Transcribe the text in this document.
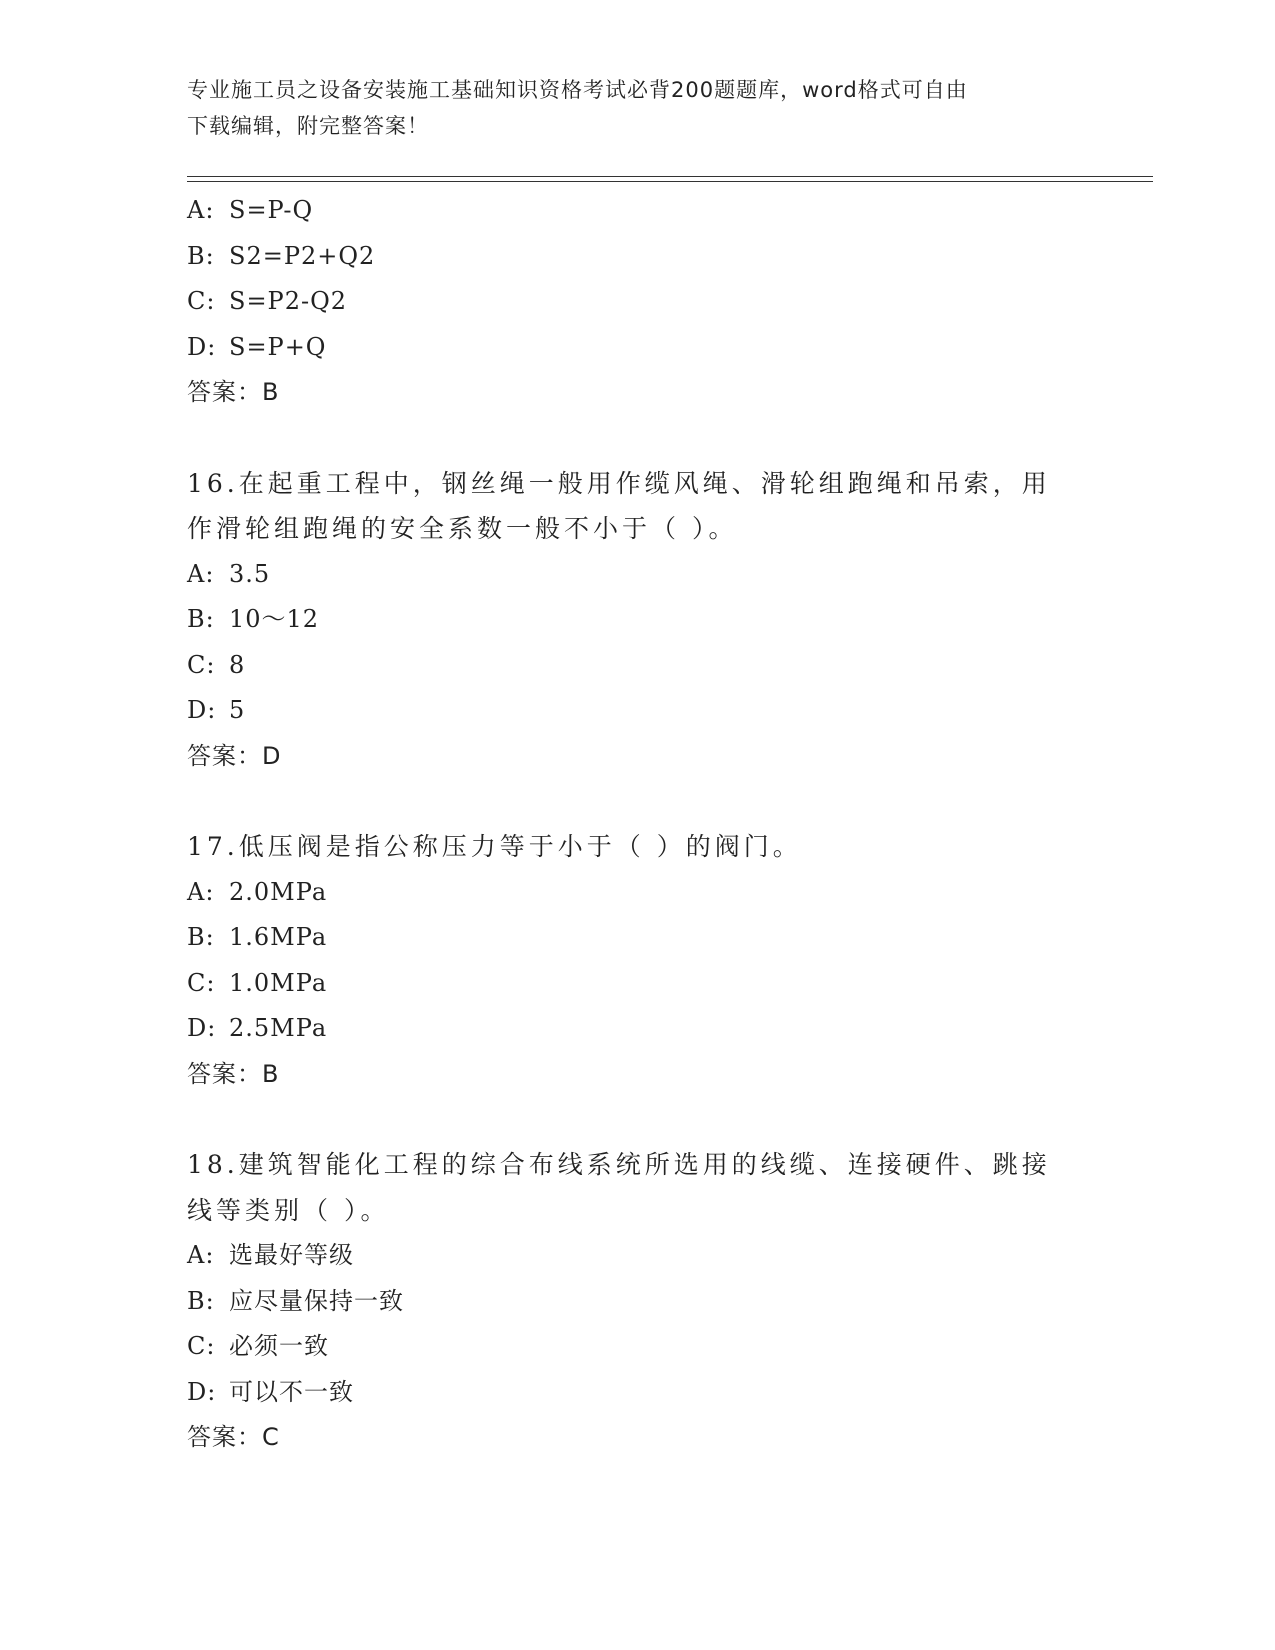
专业施工员之设备安装施工基础知识资格考试必背200题题库，word格式可自由
下载编辑，附完整答案！
A: S=P-Q
B: S2=P2+Q2
C: S=P2-Q2
D: S=P+Q
答案：B
16.在起重工程中，钢丝绳一般用作缆风绳、滑轮组跑绳和吊索，用作滑轮组跑绳的安全系数一般不小于（ ）。
A: 3.5
B: 10～12
C: 8
D: 5
答案：D
17.低压阀是指公称压力等于小于（ ）的阀门。
A: 2.0MPa
B: 1.6MPa
C: 1.0MPa
D: 2.5MPa
答案：B
18.建筑智能化工程的综合布线系统所选用的线缆、连接硬件、跳接线等类别（ ）。
A: 选最好等级
B: 应尽量保持一致
C: 必须一致
D: 可以不一致
答案：C
